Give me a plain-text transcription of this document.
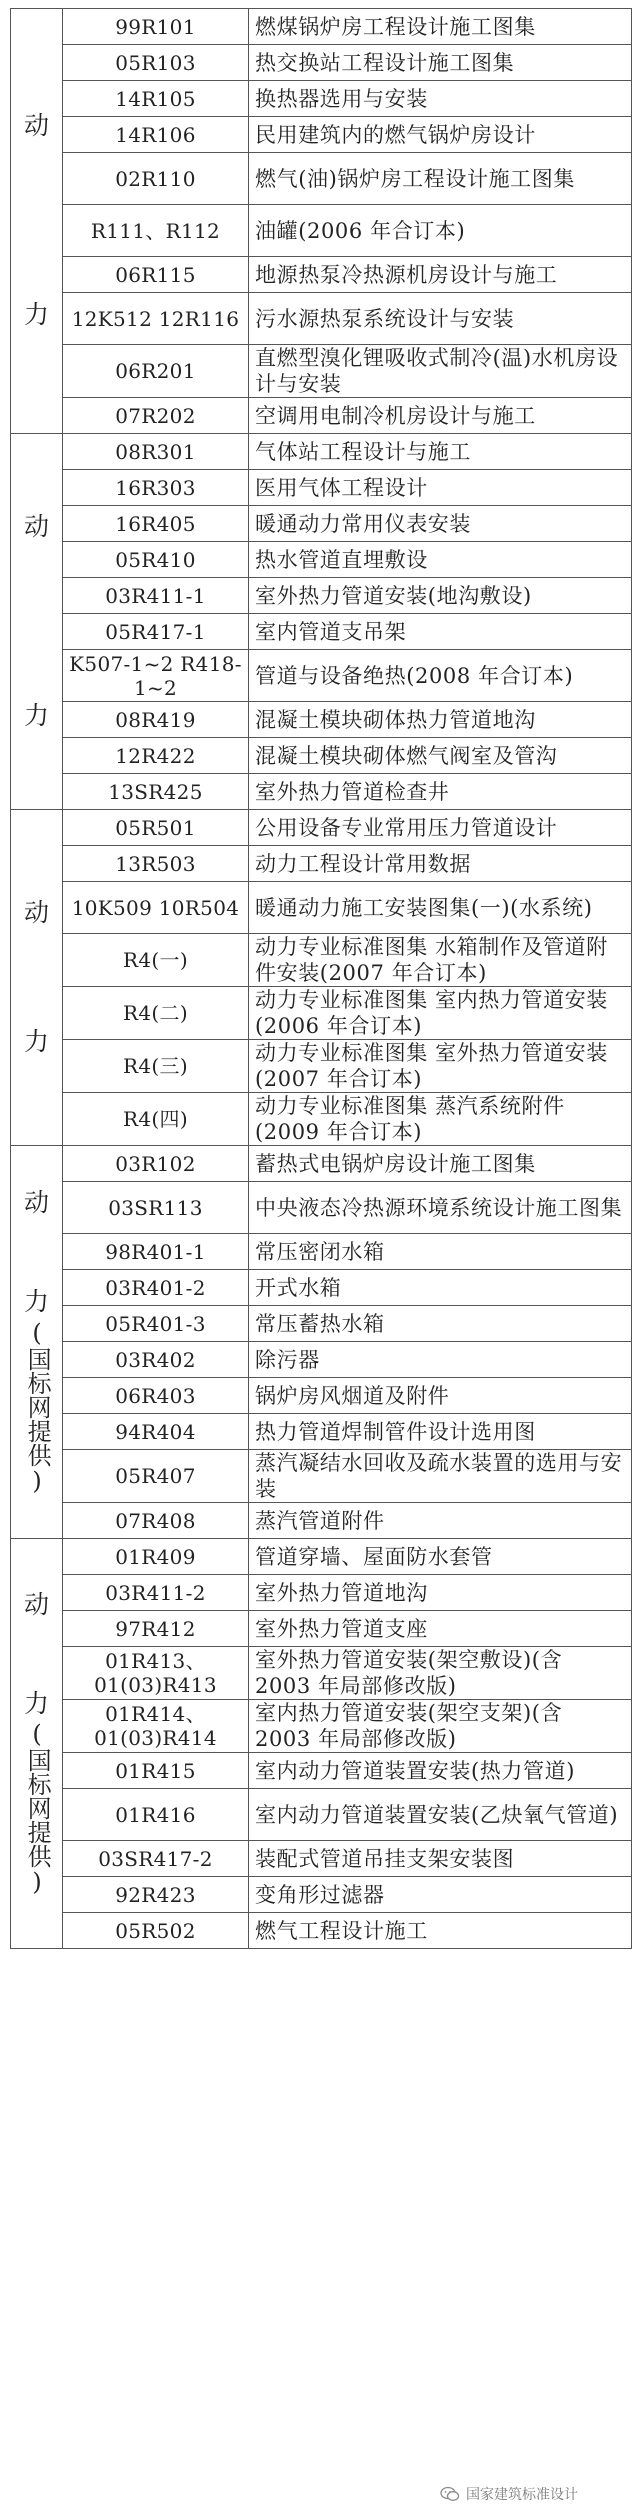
动
力	99R101	燃煤锅炉房工程设计施工图集
	05R103	热交换站工程设计施工图集
	14R105	换热器选用与安装
	14R106	民用建筑内的燃气锅炉房设计
	02R110	燃气(油)锅炉房工程设计施工图集
	R111、R112	油罐(2006 年合订本)
	06R115	地源热泵冷热源机房设计与施工
	12K512 12R116	污水源热泵系统设计与安装
	06R201	直燃型溴化锂吸收式制冷(温)水机房设计与安装
	07R202	空调用电制冷机房设计与施工

动
力	08R301	气体站工程设计与施工
	16R303	医用气体工程设计
	16R405	暖通动力常用仪表安装
	05R410	热水管道直埋敷设
	03R411-1	室外热力管道安装(地沟敷设)
	05R417-1	室内管道支吊架
	K507-1~2 R418-1~2	管道与设备绝热(2008 年合订本)
	08R419	混凝土模块砌体热力管道地沟
	12R422	混凝土模块砌体燃气阀室及管沟
	13SR425	室外热力管道检查井

动
力	05R501	公用设备专业常用压力管道设计
	13R503	动力工程设计常用数据
	10K509 10R504	暖通动力施工安装图集(一)(水系统)
	R4(一)	动力专业标准图集 水箱制作及管道附件安装(2007 年合订本)
	R4(二)	动力专业标准图集 室内热力管道安装(2006 年合订本)
	R4(三)	动力专业标准图集 室外热力管道安装(2007 年合订本)
	R4(四)	动力专业标准图集 蒸汽系统附件(2009 年合订本)

动
力
(国标网提供)	03R102	蓄热式电锅炉房设计施工图集
	03SR113	中央液态冷热源环境系统设计施工图集
	98R401-1	常压密闭水箱
	03R401-2	开式水箱
	05R401-3	常压蓄热水箱
	03R402	除污器
	06R403	锅炉房风烟道及附件
	94R404	热力管道焊制管件设计选用图
	05R407	蒸汽凝结水回收及疏水装置的选用与安装
	07R408	蒸汽管道附件

动
力
(国标网提供)	01R409	管道穿墙、屋面防水套管
	03R411-2	室外热力管道地沟
	97R412	室外热力管道支座
	01R413、01(03)R413	室外热力管道安装(架空敷设)(含 2003 年局部修改版)
	01R414、01(03)R414	室内热力管道安装(架空支架)(含 2003 年局部修改版)
	01R415	室内动力管道装置安装(热力管道)
	01R416	室内动力管道装置安装(乙炔氧气管道)
	03SR417-2	装配式管道吊挂支架安装图
	92R423	变角形过滤器
	05R502	燃气工程设计施工
国家建筑标准设计
